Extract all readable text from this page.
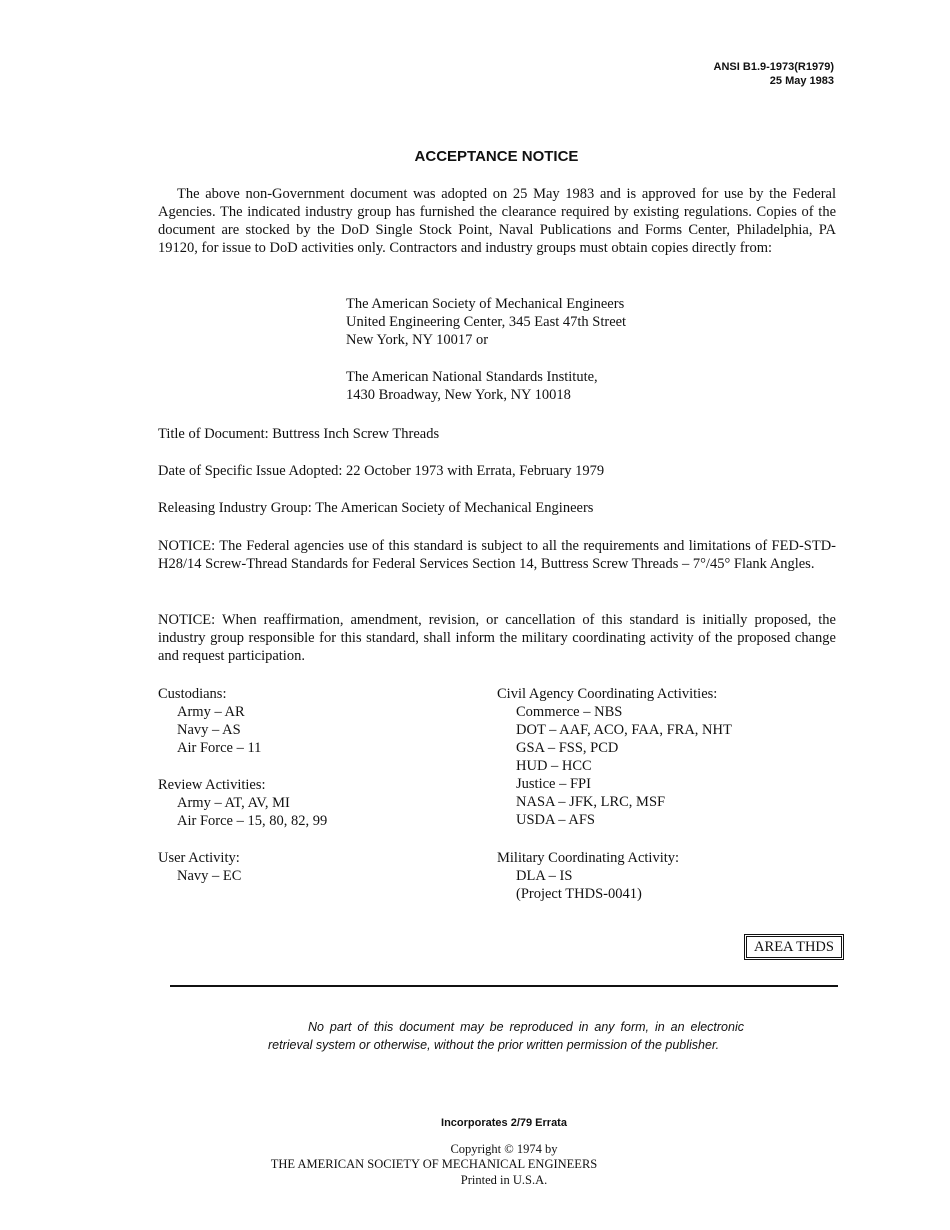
ANSI B1.9-1973(R1979)
25 May 1983
ACCEPTANCE NOTICE
The above non-Government document was adopted on 25 May 1983 and is approved for use by the Federal Agencies. The indicated industry group has furnished the clearance required by existing regulations. Copies of the document are stocked by the DoD Single Stock Point, Naval Publications and Forms Center, Philadelphia, PA 19120, for issue to DoD activities only. Contractors and industry groups must obtain copies directly from:
The American Society of Mechanical Engineers
United Engineering Center, 345 East 47th Street
New York, NY 10017 or
The American National Standards Institute,
1430 Broadway, New York, NY 10018
Title of Document: Buttress Inch Screw Threads
Date of Specific Issue Adopted: 22 October 1973 with Errata, February 1979
Releasing Industry Group: The American Society of Mechanical Engineers
NOTICE: The Federal agencies use of this standard is subject to all the requirements and limitations of FED-STD-H28/14 Screw-Thread Standards for Federal Services Section 14, Buttress Screw Threads – 7°/45° Flank Angles.
NOTICE: When reaffirmation, amendment, revision, or cancellation of this standard is initially proposed, the industry group responsible for this standard, shall inform the military coordinating activity of the proposed change and request participation.
Custodians:
Army – AR
Navy – AS
Air Force – 11
Review Activities:
Army – AT, AV, MI
Air Force – 15, 80, 82, 99
User Activity:
Navy – EC
Civil Agency Coordinating Activities:
Commerce – NBS
DOT – AAF, ACO, FAA, FRA, NHT
GSA – FSS, PCD
HUD – HCC
Justice – FPI
NASA – JFK, LRC, MSF
USDA – AFS
Military Coordinating Activity:
DLA – IS
(Project THDS-0041)
AREA THDS
No part of this document may be reproduced in any form, in an electronic retrieval system or otherwise, without the prior written permission of the publisher.
Incorporates 2/79 Errata
Copyright © 1974 by
THE AMERICAN SOCIETY OF MECHANICAL ENGINEERS
Printed in U.S.A.
